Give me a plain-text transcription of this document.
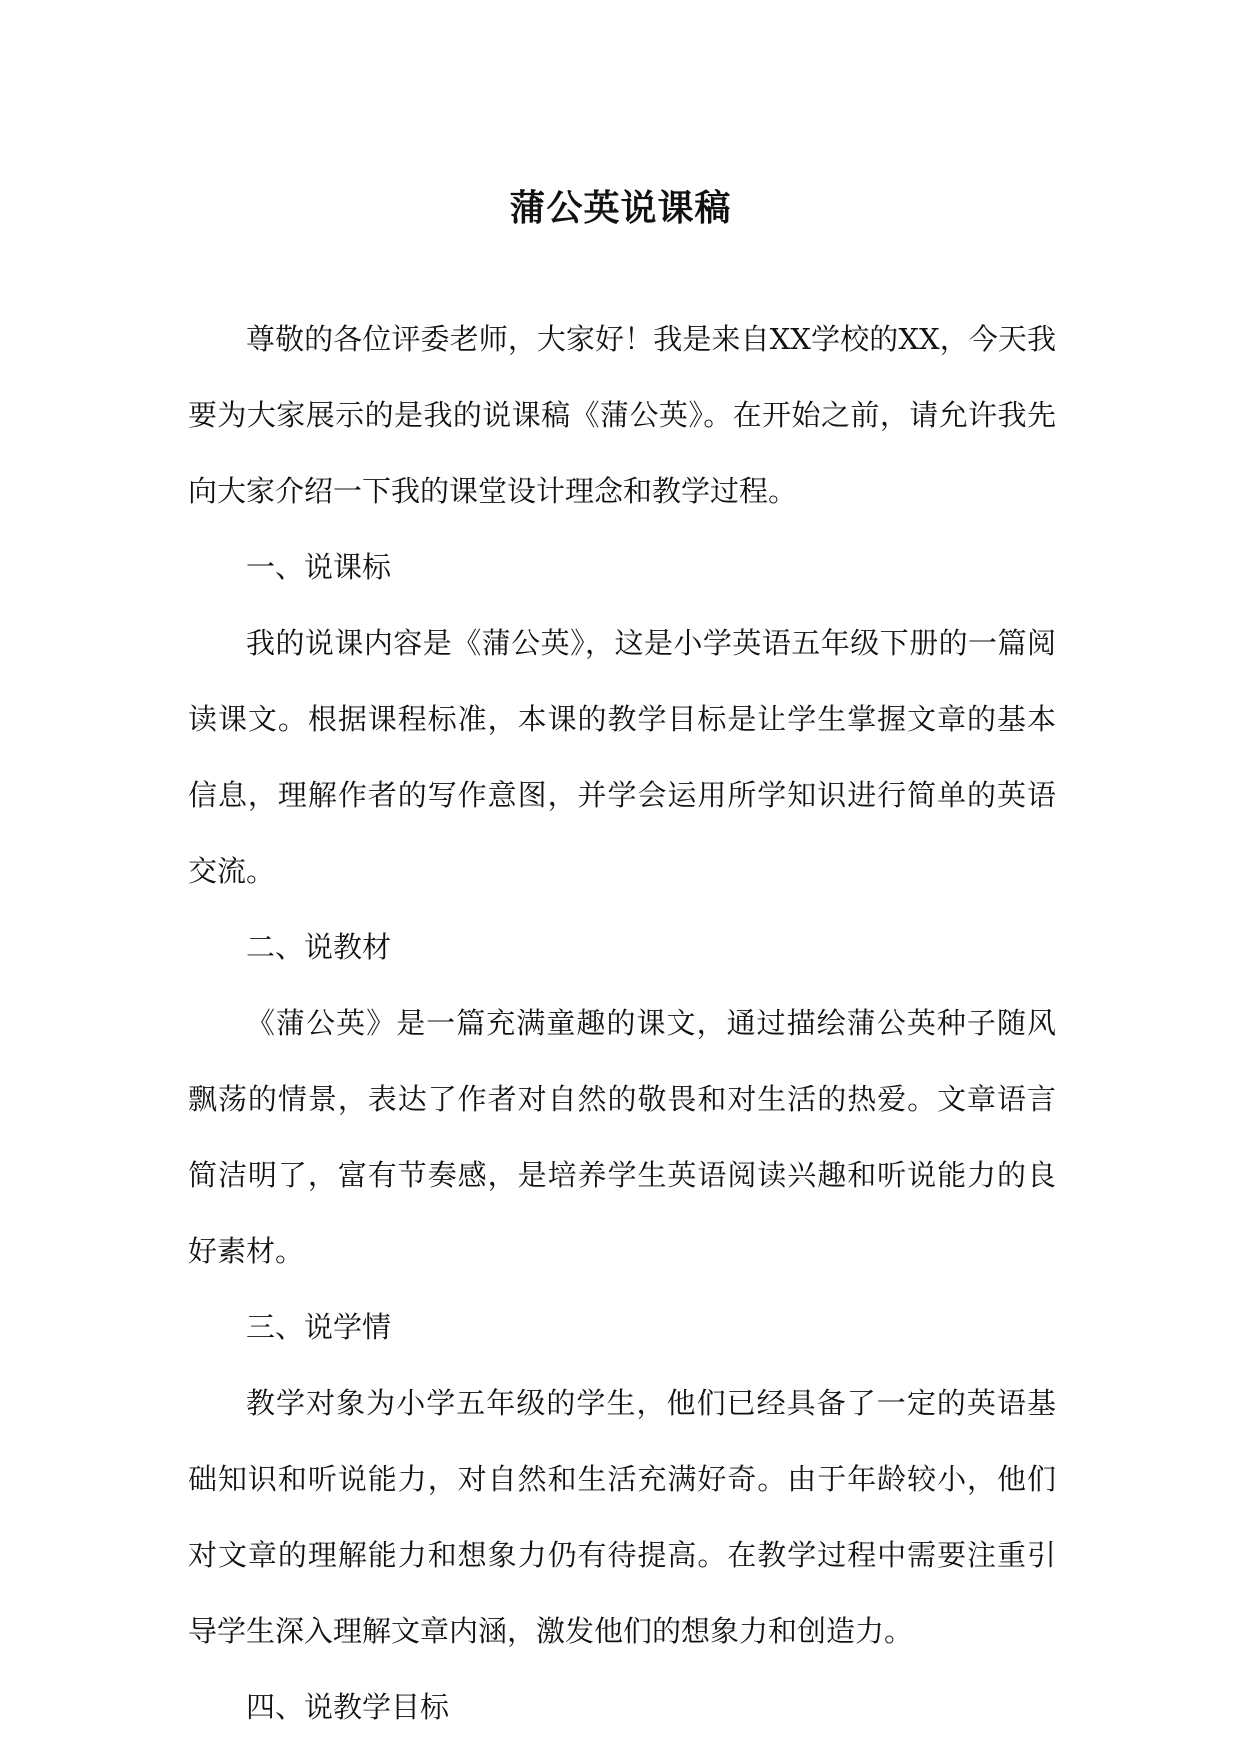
蒲公英说课稿

尊敬的各位评委老师，大家好！我是来自XX学校的XX，今天我要为大家展示的是我的说课稿《蒲公英》。在开始之前，请允许我先向大家介绍一下我的课堂设计理念和教学过程。

一、说课标

我的说课内容是《蒲公英》，这是小学英语五年级下册的一篇阅读课文。根据课程标准，本课的教学目标是让学生掌握文章的基本信息，理解作者的写作意图，并学会运用所学知识进行简单的英语交流。

二、说教材

《蒲公英》是一篇充满童趣的课文，通过描绘蒲公英种子随风飘荡的情景，表达了作者对自然的敬畏和对生活的热爱。文章语言简洁明了，富有节奏感，是培养学生英语阅读兴趣和听说能力的良好素材。

三、说学情

教学对象为小学五年级的学生，他们已经具备了一定的英语基础知识和听说能力，对自然和生活充满好奇。由于年龄较小，他们对文章的理解能力和想象力仍有待提高。在教学过程中需要注重引导学生深入理解文章内涵，激发他们的想象力和创造力。

四、说教学目标
